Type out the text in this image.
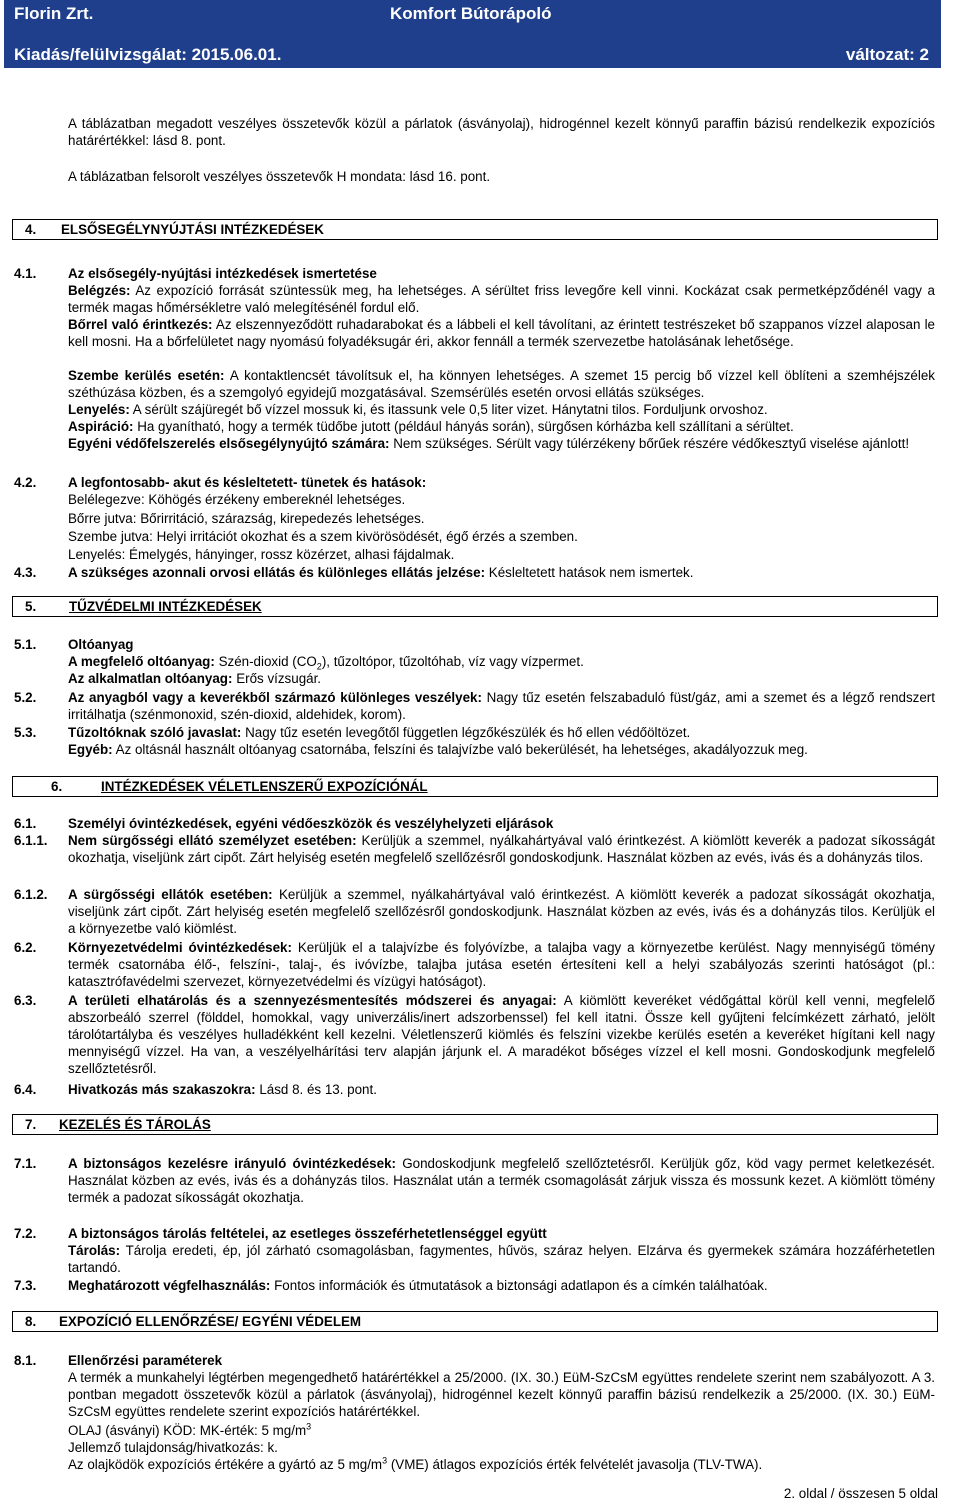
Florin Zrt.	Komfort Bútorápoló
Kiadás/felülvizsgálat: 2015.06.01.	változat: 2
A táblázatban megadott veszélyes összetevők közül a párlatok (ásványolaj), hidrogénnel kezelt könnyű paraffin bázisú rendelkezik expozíciós határértékkel: lásd 8. pont.
A táblázatban felsorolt veszélyes összetevők H mondata: lásd 16. pont.
4. ELSŐSEGÉLYNYÚJTÁSI INTÉZKEDÉSEK
4.1. Az elsősegély-nyújtási intézkedések ismertetése
Belégzés: Az expozíció forrását szüntessük meg, ha lehetséges. A sérültet friss levegőre kell vinni. Kockázat csak permetképződénél vagy a termék magas hőmérsékletre való melegítésénél fordul elő.
Bőrrel való érintkezés: Az elszennyeződött ruhadarabokat és a lábbeli el kell távolítani, az érintett testrészeket bő szappanos vízzel alaposan le kell mosni. Ha a bőrfelületet nagy nyomású folyadéksugár éri, akkor fennáll a termék szervezetbe hatolásának lehetősége.
Szembe kerülés esetén: A kontaktlencsét távolítsuk el, ha könnyen lehetséges. A szemet 15 percig bő vízzel kell öblíteni a szemhéjszélek széthúzása közben, és a szemgolyó egyidejű mozgatásával. Szemsérülés esetén orvosi ellátás szükséges.
Lenyelés: A sérült szájüregét bő vízzel mossuk ki, és itassunk vele 0,5 liter vizet. Hánytatni tilos. Forduljunk orvoshoz.
Aspiráció: Ha gyanítható, hogy a termék tüdőbe jutott (például hányás során), sürgősen kórházba kell szállítani a sérültet.
Egyéni védőfelszerelés elsősegélynyújtó számára: Nem szükséges. Sérült vagy túlérzékeny bőrűek részére védőkesztyű viselése ajánlott!
4.2. A legfontosabb- akut és késleltetett- tünetek és hatások:
Belélegezve: Köhögés érzékeny embereknél lehetséges.
Bőrre jutva: Bőrirritáció, szárazság, kirepedezés lehetséges.
Szembe jutva: Helyi irritációt okozhat és a szem kivörösödését, égő érzés a szemben.
Lenyelés: Émelygés, hányinger, rossz közérzet, alhasi fájdalmak.
4.3. A szükséges azonnali orvosi ellátás és különleges ellátás jelzése: Késleltetett hatások nem ismertek.
5. TŰZVÉDELMI INTÉZKEDÉSEK
5.1. Oltóanyag
A megfelelő oltóanyag: Szén-dioxid $(CO_2)$, tűzoltópor, tűzoltóhab, víz vagy vízpermet.
Az alkalmatlan oltóanyag: Erős vízsugár.
5.2. Az anyagból vagy a keverékből származó különleges veszélyek: Nagy tűz esetén felszabaduló füst/gáz, ami a szemet és a légző rendszert irritálhatja (szénmonoxid, szén-dioxid, aldehidek, korom).
5.3. Tűzoltóknak szóló javaslat: Nagy tűz esetén levegőtől független légzőkészülék és hő ellen védőöltözet.
Egyéb: Az oltásnál használt oltóanyag csatornába, felszíni és talajvízbe való bekerülését, ha lehetséges, akadályozzuk meg.
6.	INTÉZKEDÉSEK VÉLETLENSZERŰ EXPOZÍCIÓNÁL
6.1. Személyi óvintézkedések, egyéni védőeszközök és veszélyhelyzeti eljárások
6.1.1. Nem sürgősségi ellátó személyzet esetében: Kerüljük a szemmel, nyálkahártyával való érintkezést. A kiömlött keverék a padozat síkosságát okozhatja, viseljünk zárt cipőt. Zárt helyiség esetén megfelelő szellőzésről gondoskodjunk. Használat közben az evés, ivás és a dohányzás tilos.
6.1.2. A sürgősségi ellátók esetében: Kerüljük a szemmel, nyálkahártyával való érintkezést. A kiömlött keverék a padozat síkosságát okozhatja, viseljünk zárt cipőt. Zárt helyiség esetén megfelelő szellőzésről gondoskodjunk. Használat közben az evés, ivás és a dohányzás tilos. Kerüljük el a környezetbe való kiömlést.
6.2. Környezetvédelmi óvintézkedések: Kerüljük el a talajvízbe és folyóvízbe, a talajba vagy a környezetbe kerülést. Nagy mennyiségű tömény termék csatornába élő-, felszíni-, talaj-, és ivóvízbe, talajba jutása esetén értesíteni kell a helyi szabályozás szerinti hatóságot (pl.: katasztrófavédelmi szervezet, környezetvédelmi és vízügyi hatóságot).
6.3. A területi elhatárolás és a szennyezésmentesítés módszerei és anyagai: A kiömlött keveréket védőgáttal körül kell venni, megfelelő abszorbeáló szerrel (földdel, homokkal, vagy univerzális/inert adszorbenssel) fel kell itatni. Össze kell gyűjteni felcímkézett zárható, jelölt tárolótartályba és veszélyes hulladékként kell kezelni. Véletlenszerű kiömlés és felszíni vizekbe kerülés esetén a keveréket hígítani kell nagy mennyiségű vízzel. Ha van, a veszélyelhárítási terv alapján járjunk el. A maradékot bőséges vízzel el kell mosni. Gondoskodjunk megfelelő szellőztetésről.
6.4. Hivatkozás más szakaszokra: Lásd 8. és 13. pont.
7. KEZELÉS ÉS TÁROLÁS
7.1. A biztonságos kezelésre irányuló óvintézkedések: Gondoskodjunk megfelelő szellőztetésről. Kerüljük gőz, köd vagy permet keletkezését. Használat közben az evés, ivás és a dohányzás tilos. Használat után a termék csomagolását zárjuk vissza és mossunk kezet. A kiömlött tömény termék a padozat síkosságát okozhatja.
7.2. A biztonságos tárolás feltételei, az esetleges összeférhetetlenséggel együtt
Tárolás: Tárolja eredeti, ép, jól zárható csomagolásban, fagymentes, hűvös, száraz helyen. Elzárva és gyermekek számára hozzáférhetetlen tartandó.
7.3. Meghatározott végfelhasználás: Fontos információk és útmutatások a biztonsági adatlapon és a címkén találhatóak.
8. EXPOZÍCIÓ ELLENŐRZÉSE/ EGYÉNI VÉDELEM
8.1. Ellenőrzési paraméterek
A termék a munkahelyi légtérben megengedhető határértékkel a 25/2000. (IX. 30.) EüM-SzCsM együttes rendelete szerint nem szabályozott. A 3. pontban megadott összetevők közül a párlatok (ásványolaj), hidrogénnel kezelt könnyű paraffin bázisú rendelkezik a 25/2000. (IX. 30.) EüM-SzCsM együttes rendelete szerint expozíciós határértékkel.
OLAJ (ásványi) KÖD: MK-érték: 5 $mg/m^3$
Jellemző tulajdonság/hivatkozás: k.
Az olajködök expozíciós értékére a gyártó az 5 $mg/m^3$ (VME) átlagos expozíciós érték felvételét javasolja (TLV-TWA).
2. oldal / összesen 5 oldal
